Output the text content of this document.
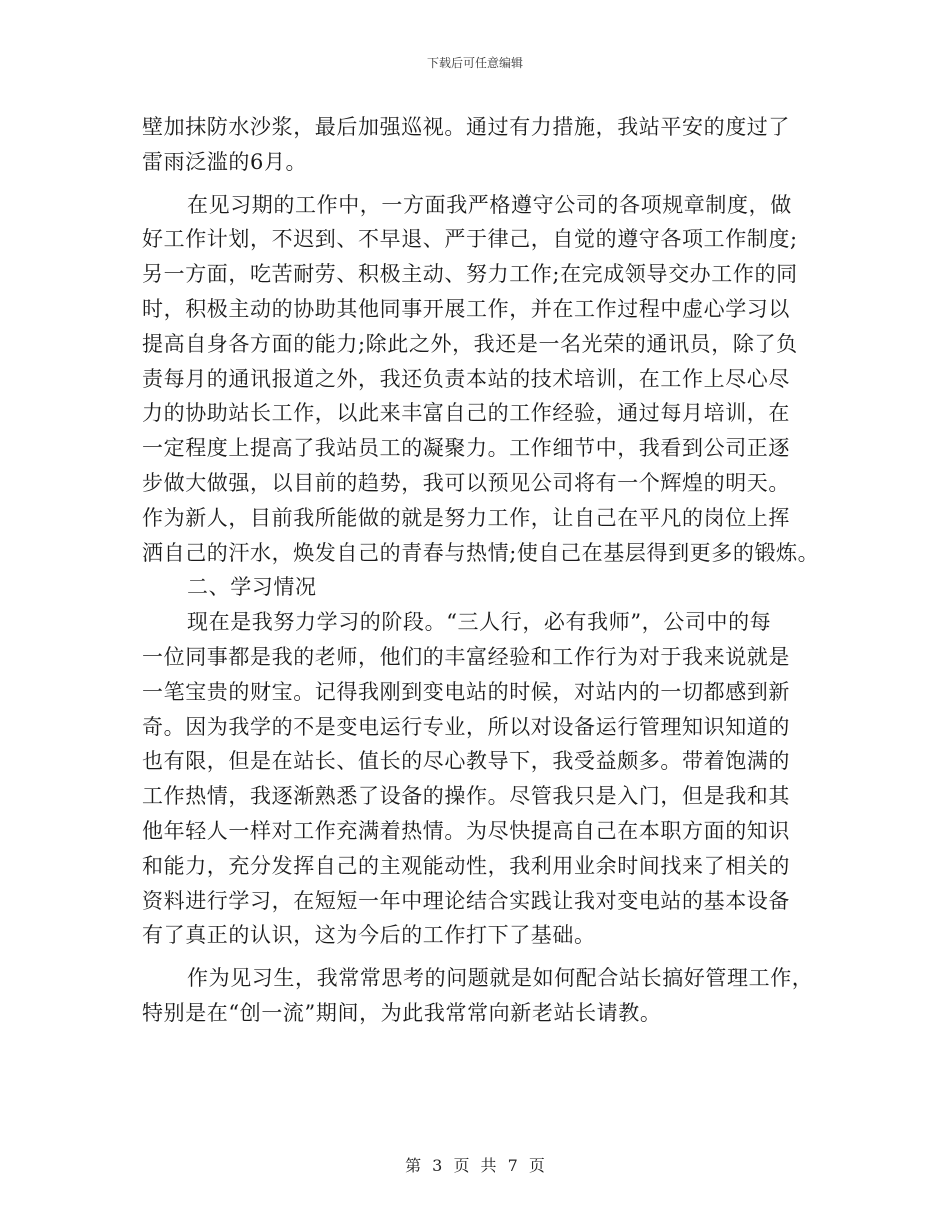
下载后可任意编辑
壁加抹防水沙浆，最后加强巡视。通过有力措施，我站平安的度过了
雷雨泛滥的6月。
在见习期的工作中，一方面我严格遵守公司的各项规章制度，做
好工作计划，不迟到、不早退、严于律己，自觉的遵守各项工作制度;
另一方面，吃苦耐劳、积极主动、努力工作;在完成领导交办工作的同
时，积极主动的协助其他同事开展工作，并在工作过程中虚心学习以
提高自身各方面的能力;除此之外，我还是一名光荣的通讯员，除了负
责每月的通讯报道之外，我还负责本站的技术培训，在工作上尽心尽
力的协助站长工作，以此来丰富自己的工作经验，通过每月培训，在
一定程度上提高了我站员工的凝聚力。工作细节中，我看到公司正逐
步做大做强，以目前的趋势，我可以预见公司将有一个辉煌的明天。
作为新人，目前我所能做的就是努力工作，让自己在平凡的岗位上挥
洒自己的汗水，焕发自己的青春与热情;使自己在基层得到更多的锻炼。
二、学习情况
现在是我努力学习的阶段。“三人行，必有我师”，公司中的每
一位同事都是我的老师，他们的丰富经验和工作行为对于我来说就是
一笔宝贵的财宝。记得我刚到变电站的时候，对站内的一切都感到新
奇。因为我学的不是变电运行专业，所以对设备运行管理知识知道的
也有限，但是在站长、值长的尽心教导下，我受益颇多。带着饱满的
工作热情，我逐渐熟悉了设备的操作。尽管我只是入门，但是我和其
他年轻人一样对工作充满着热情。为尽快提高自己在本职方面的知识
和能力，充分发挥自己的主观能动性，我利用业余时间找来了相关的
资料进行学习，在短短一年中理论结合实践让我对变电站的基本设备
有了真正的认识，这为今后的工作打下了基础。
作为见习生，我常常思考的问题就是如何配合站长搞好管理工作，
特别是在“创一流”期间，为此我常常向新老站长请教。
第 3 页 共 7 页
